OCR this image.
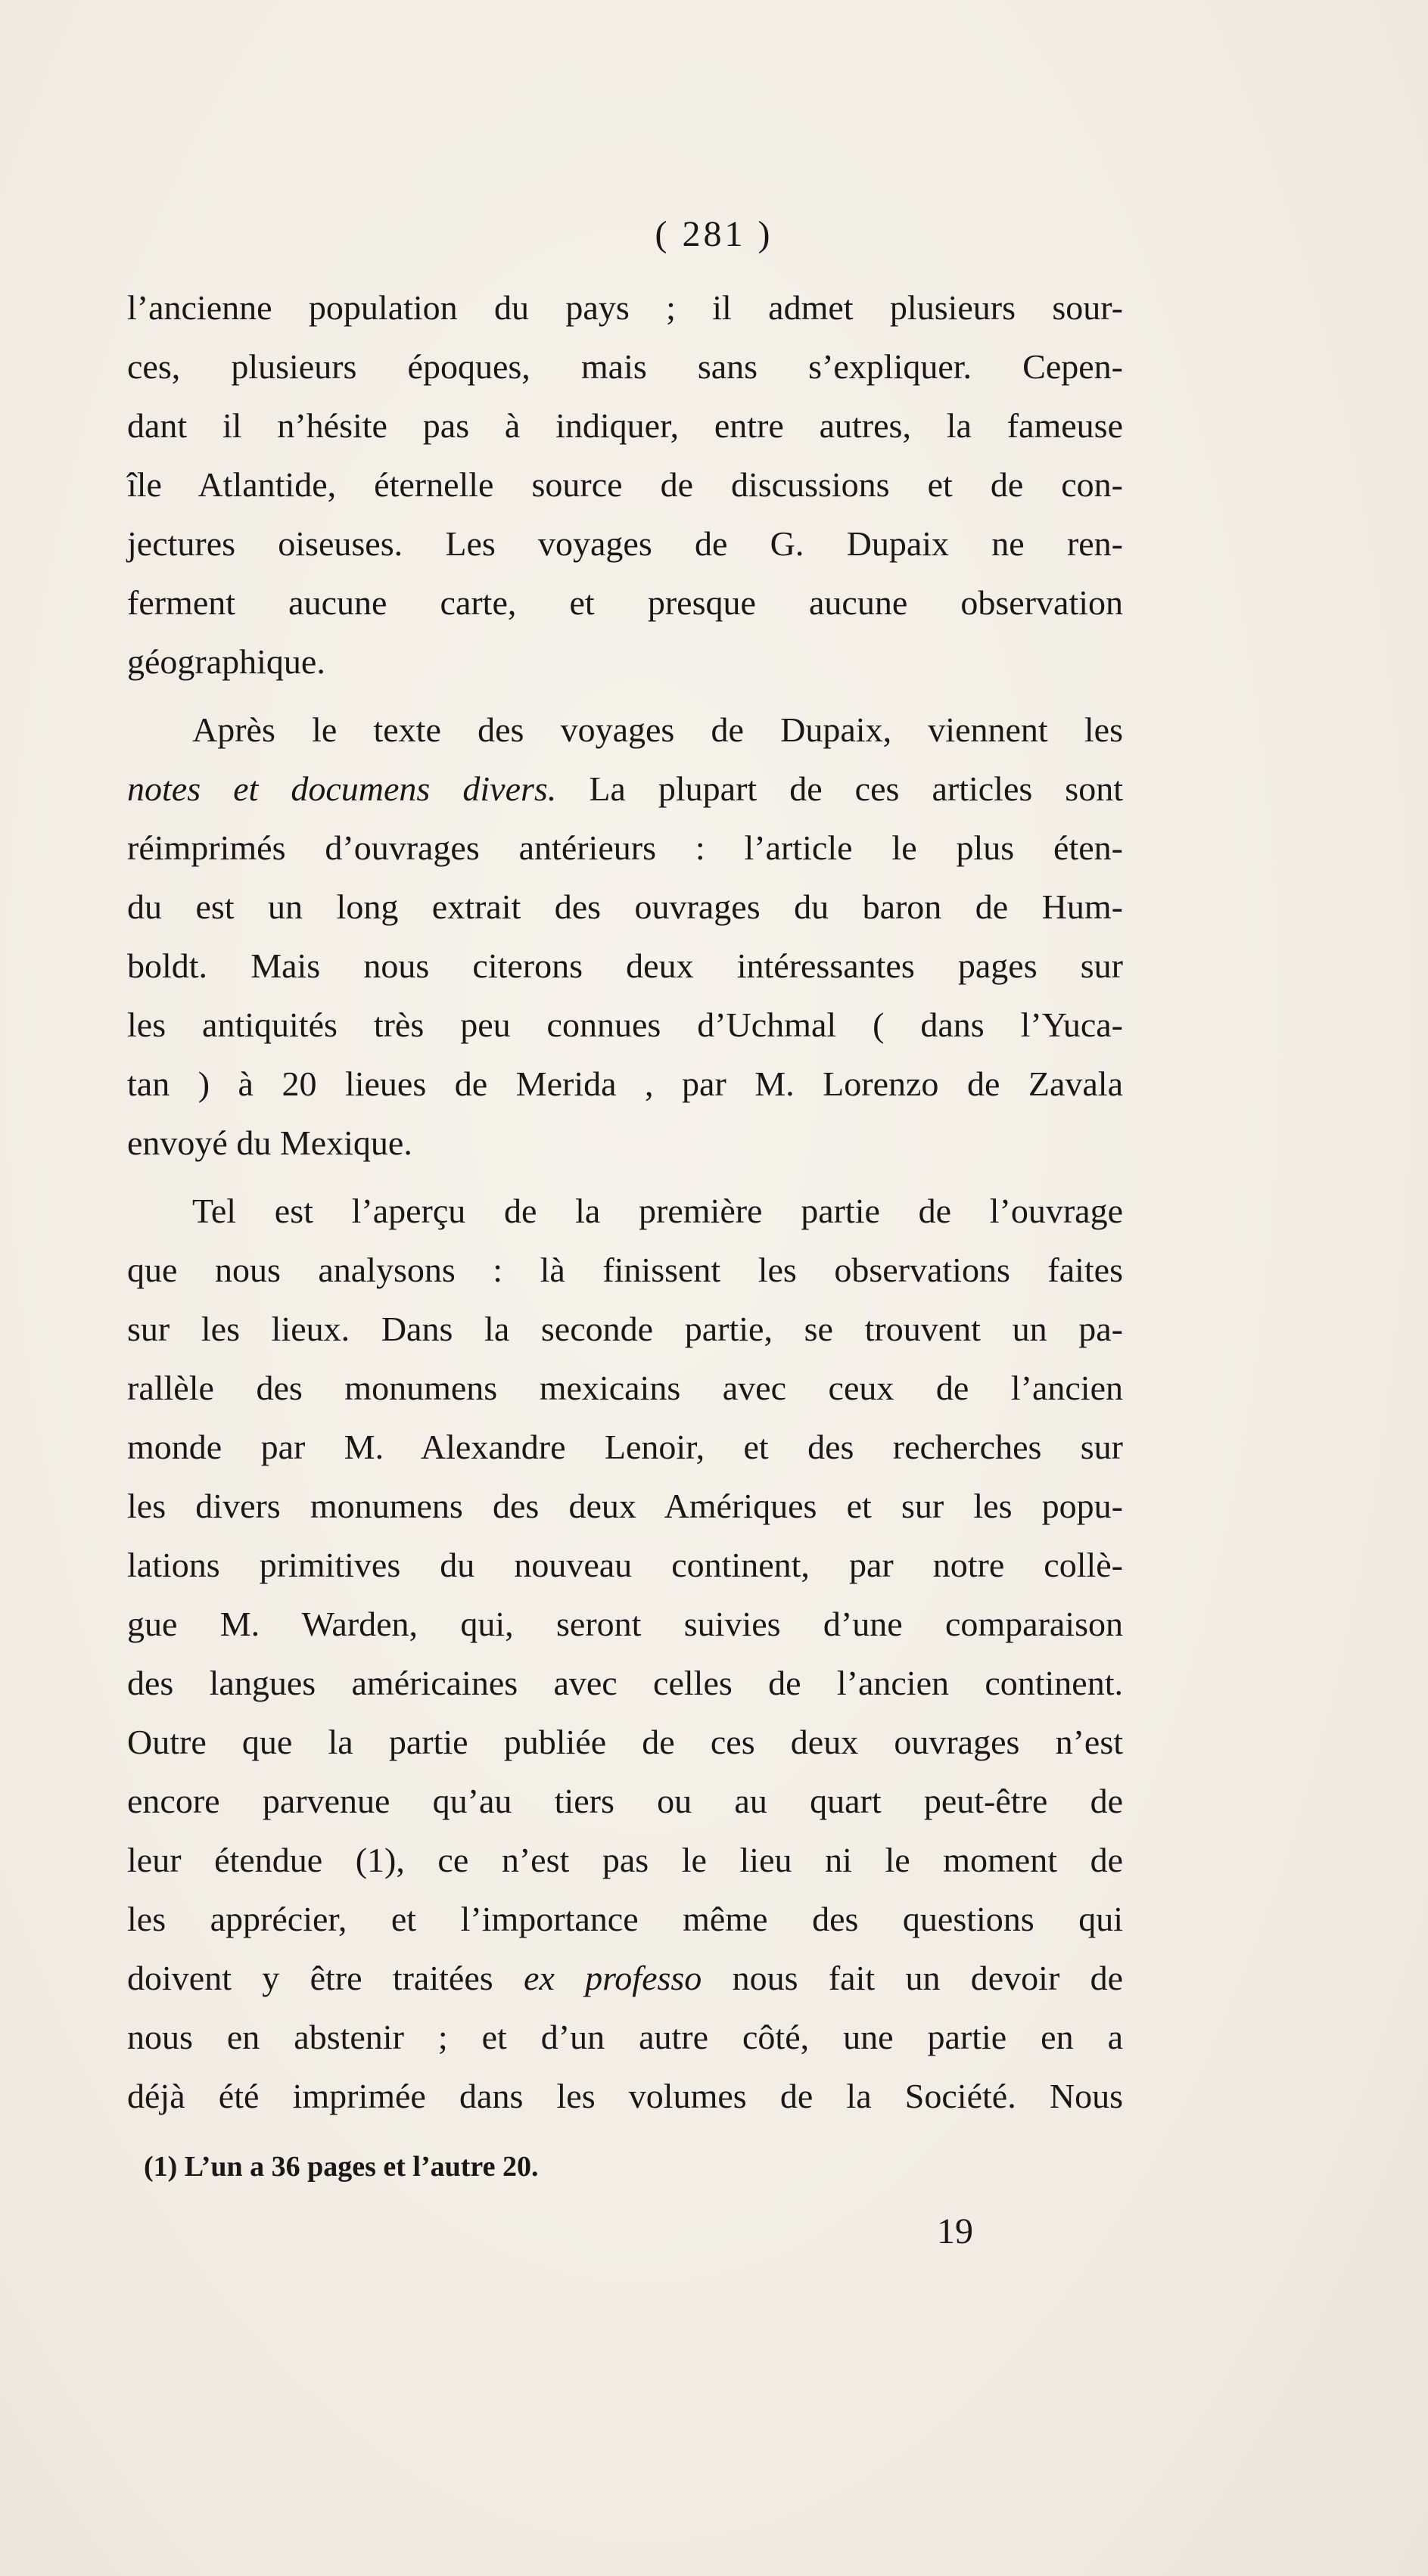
( 281 )
l’ancienne population du pays ; il admet plusieurs sour-
ces, plusieurs époques, mais sans s’expliquer. Cepen-
dant il n’hésite pas à indiquer, entre autres, la fameuse
île Atlantide, éternelle source de discussions et de con-
jectures oiseuses. Les voyages de G. Dupaix ne ren-
ferment aucune carte, et presque aucune observation
géographique.
Après le texte des voyages de Dupaix, viennent les
notes et documens divers. La plupart de ces articles sont
réimprimés d’ouvrages antérieurs : l’article le plus éten-
du est un long extrait des ouvrages du baron de Hum-
boldt. Mais nous citerons deux intéressantes pages sur
les antiquités très peu connues d’Uchmal ( dans l’Yuca-
tan ) à 20 lieues de Merida , par M. Lorenzo de Zavala
envoyé du Mexique.
Tel est l’aperçu de la première partie de l’ouvrage
que nous analysons : là finissent les observations faites
sur les lieux. Dans la seconde partie, se trouvent un pa-
rallèle des monumens mexicains avec ceux de l’ancien
monde par M. Alexandre Lenoir, et des recherches sur
les divers monumens des deux Amériques et sur les popu-
lations primitives du nouveau continent, par notre collè-
gue M. Warden, qui, seront suivies d’une comparaison
des langues américaines avec celles de l’ancien continent.
Outre que la partie publiée de ces deux ouvrages n’est
encore parvenue qu’au tiers ou au quart peut-être de
leur étendue (1), ce n’est pas le lieu ni le moment de
les apprécier, et l’importance même des questions qui
doivent y être traitées ex professo nous fait un devoir de
nous en abstenir ; et d’un autre côté, une partie en a
déjà été imprimée dans les volumes de la Société. Nous
(1) L’un a 36 pages et l’autre 20.
19
